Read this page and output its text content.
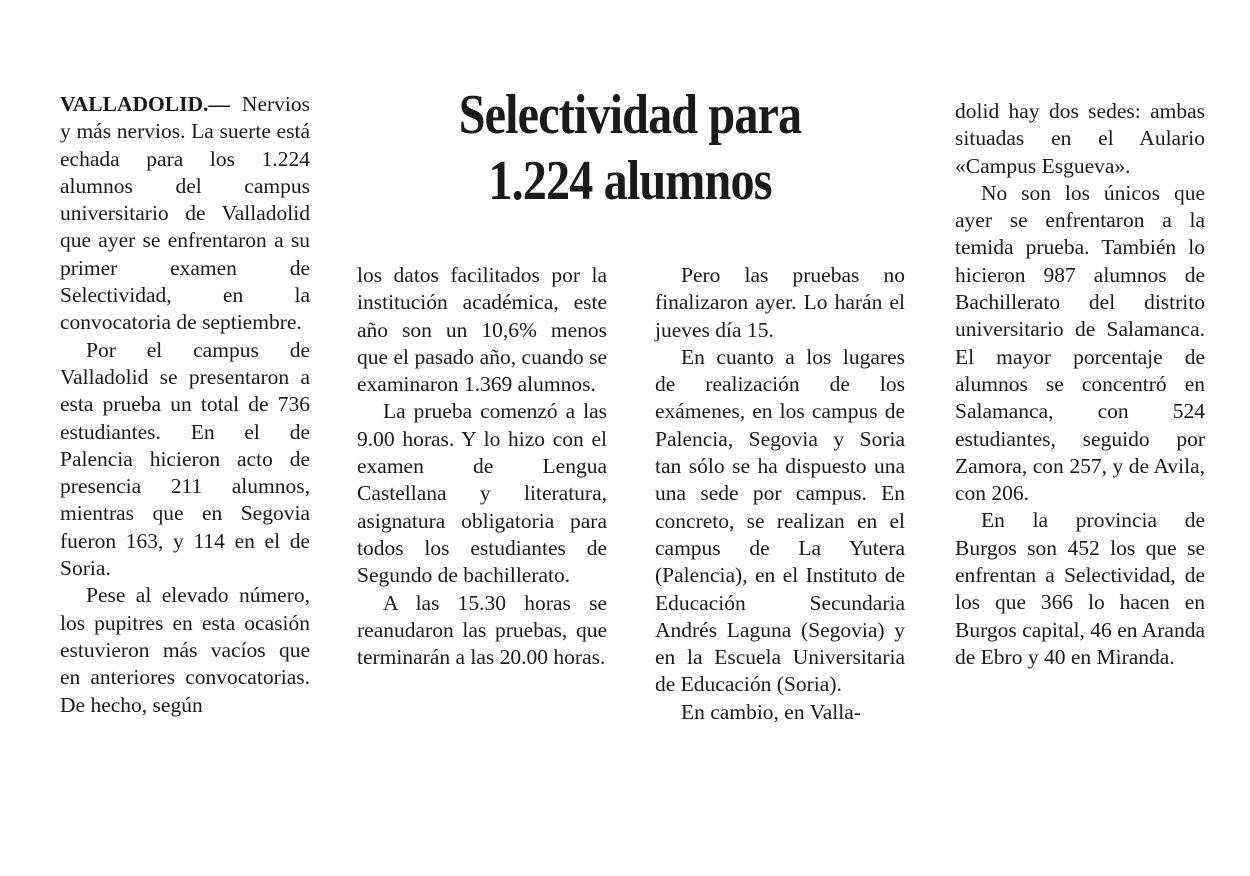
Selectividad para
1.224 alumnos

VALLADOLID.— Nervios y más nervios. La suerte está echada para los 1.224 alumnos del campus universitario de Valladolid que ayer se enfrentaron a su primer examen de Selectividad, en la convocatoria de septiembre.

Por el campus de Valladolid se presentaron a esta prueba un total de 736 estudiantes. En el de Palencia hicieron acto de presencia 211 alumnos, mientras que en Segovia fueron 163, y 114 en el de Soria.

Pese al elevado número, los pupitres en esta ocasión estuvieron más vacíos que en anteriores convocatorias. De hecho, según

los datos facilitados por la institución académica, este año son un 10,6% menos que el pasado año, cuando se examinaron 1.369 alumnos.

La prueba comenzó a las 9.00 horas. Y lo hizo con el examen de Lengua Castellana y literatura, asignatura obligatoria para todos los estudiantes de Segundo de bachillerato.

A las 15.30 horas se reanudaron las pruebas, que terminarán a las 20.00 horas.

Pero las pruebas no finalizaron ayer. Lo harán el jueves día 15.

En cuanto a los lugares de realización de los exámenes, en los campus de Palencia, Segovia y Soria tan sólo se ha dispuesto una una sede por campus. En concreto, se realizan en el campus de La Yutera (Palencia), en el Instituto de Educación Secundaria Andrés Laguna (Segovia) y en la Escuela Universitaria de Educación (Soria).

En cambio, en Valla-

dolid hay dos sedes: ambas situadas en el Aulario «Campus Esgueva».

No son los únicos que ayer se enfrentaron a la temida prueba. También lo hicieron 987 alumnos de Bachillerato del distrito universitario de Salamanca. El mayor porcentaje de alumnos se concentró en Salamanca, con 524 estudiantes, seguido por Zamora, con 257, y de Avila, con 206.

En la provincia de Burgos son 452 los que se enfrentan a Selectividad, de los que 366 lo hacen en Burgos capital, 46 en Aranda de Ebro y 40 en Miranda.
